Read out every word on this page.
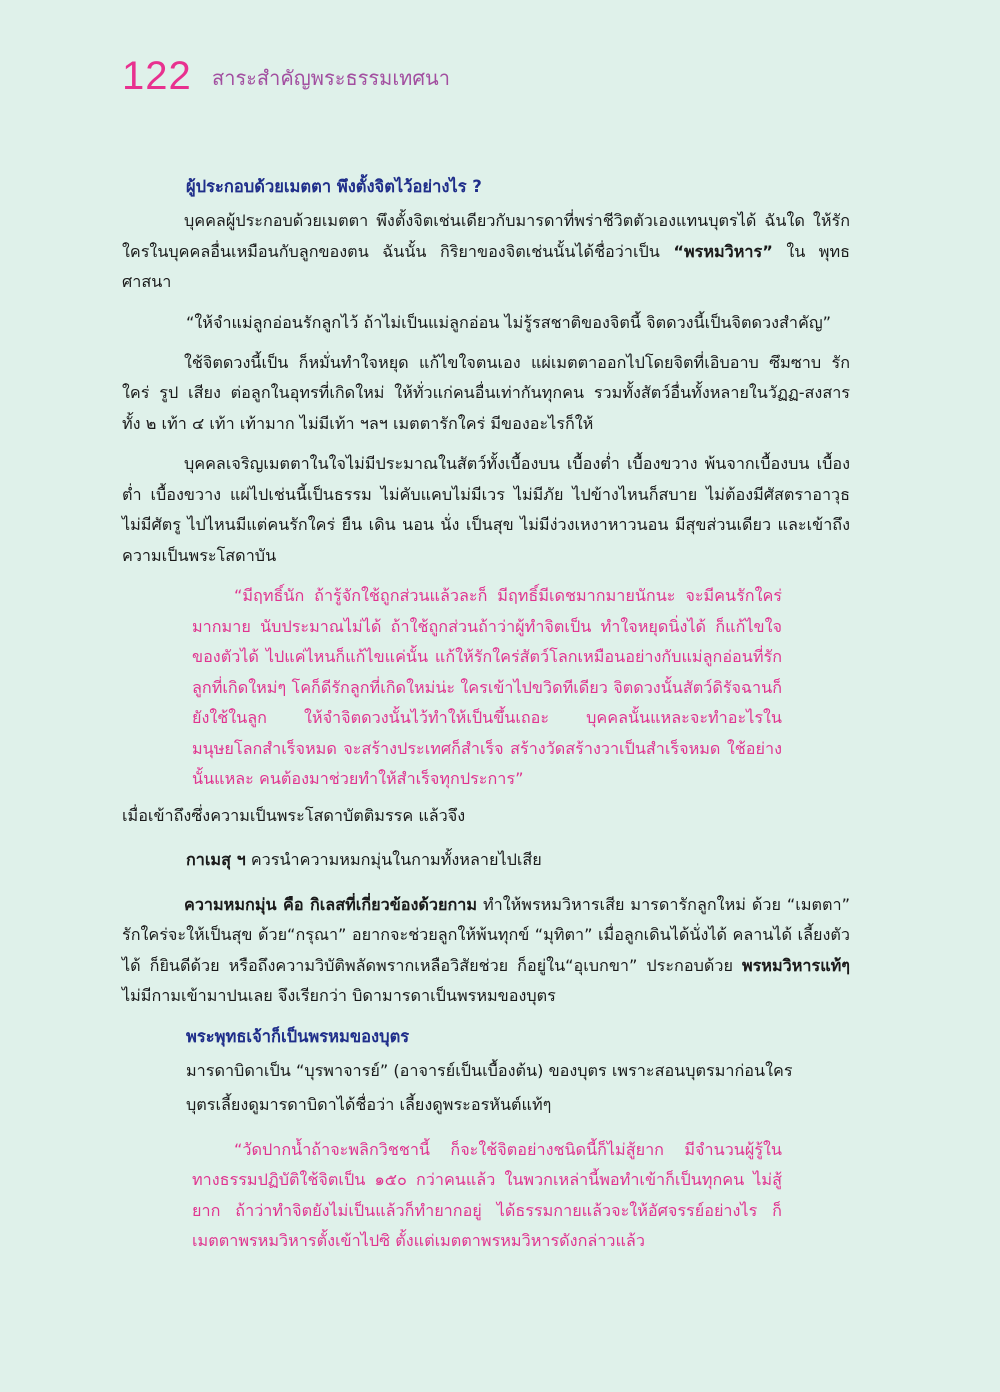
122 สาระสำคัญพระธรรมเทศนา
ผู้ประกอบด้วยเมตตา พึงตั้งจิตไว้อย่างไร ?

บุคคลผู้ประกอบด้วยเมตตา พึงตั้งจิตเช่นเดียวกับมารดาที่พร่าชีวิตตัวเองแทนบุตรได้ ฉันใด ให้รักใครในบุคคลอื่นเหมือนกับลูกของตน ฉันนั้น กิริยาของจิตเช่นนั้นได้ชื่อว่าเป็น “พรหมวิหาร” ใน พุทธศาสนา

“ให้จำแม่ลูกอ่อนรักลูกไว้ ถ้าไม่เป็นแม่ลูกอ่อน ไม่รู้รสชาติของจิตนี้ จิตดวงนี้เป็นจิตดวงสำคัญ”

ใช้จิตดวงนี้เป็น ก็หมั่นทำใจหยุด แก้ไขใจตนเอง แผ่เมตตาออกไปโดยจิตที่เอิบอาบ ซึมซาบ รักใคร่ รูป เสียง ต่อลูกในอุทรที่เกิดใหม่ ให้ทั่วแก่คนอื่นเท่ากันทุกคน รวมทั้งสัตว์อื่นทั้งหลายในวัฏฏ-สงสาร ทั้ง ๒ เท้า ๔ เท้า เท้ามาก ไม่มีเท้า ฯลฯ เมตตารักใคร่ มีของอะไรก็ให้

บุคคลเจริญเมตตาในใจไม่มีประมาณในสัตว์ทั้งเบื้องบน เบื้องต่ำ เบื้องขวาง พ้นจากเบื้องบน เบื้องต่ำ เบื้องขวาง แผ่ไปเช่นนี้เป็นธรรม ไม่คับแคบไม่มีเวร ไม่มีภัย ไปข้างไหนก็สบาย ไม่ต้องมีศัสตราอาวุธ ไม่มีศัตรู ไปไหนมีแต่คนรักใคร่ ยืน เดิน นอน นั่ง เป็นสุข ไม่มีง่วงเหงาหาวนอน มีสุขส่วนเดียว และเข้าถึงความเป็นพระโสดาบัน

“มีฤทธิ์นัก ถ้ารู้จักใช้ถูกส่วนแล้วละก็ มีฤทธิ์มีเดชมากมายนักนะ จะมีคนรักใคร่มากมาย นับประมาณไม่ได้ ถ้าใช้ถูกส่วนถ้าว่าผู้ทำจิตเป็น ทำใจหยุดนิ่งได้ ก็แก้ไขใจของตัวได้ ไปแค่ไหนก็แก้ไขแค่นั้น แก้ให้รักใคร่สัตว์โลกเหมือนอย่างกับแม่ลูกอ่อนที่รักลูกที่เกิดใหม่ๆ โคก็ดีรักลูกที่เกิดใหม่น่ะ ใครเข้าไปขวิดทีเดียว จิตดวงนั้นสัตว์ดิรัจฉานก็ยังใช้ในลูก ให้จำจิตดวงนั้นไว้ทำให้เป็นขึ้นเถอะ บุคคลนั้นแหละจะทำอะไรในมนุษยโลกสำเร็จหมด จะสร้างประเทศก็สำเร็จ สร้างวัดสร้างวาเป็นสำเร็จหมด ใช้อย่างนั้นแหละ คนต้องมาช่วยทำให้สำเร็จทุกประการ”

เมื่อเข้าถึงซึ่งความเป็นพระโสดาบัตติมรรค แล้วจึง

กาเมสุ ฯ ควรนำความหมกมุ่นในกามทั้งหลายไปเสีย

ความหมกมุ่น คือ กิเลสที่เกี่ยวข้องด้วยกาม ทำให้พรหมวิหารเสีย มารดารักลูกใหม่ ด้วย “เมตตา” รักใคร่จะให้เป็นสุข ด้วย“กรุณา” อยากจะช่วยลูกให้พ้นทุกข์ “มุทิตา” เมื่อลูกเดินได้นั่งได้ คลานได้ เลี้ยงตัวได้ ก็ยินดีด้วย หรือถึงความวิบัติพลัดพรากเหลือวิสัยช่วย ก็อยู่ใน“อุเบกขา” ประกอบด้วย พรหมวิหารแท้ๆ ไม่มีกามเข้ามาปนเลย จึงเรียกว่า บิดามารดาเป็นพรหมของบุตร

พระพุทธเจ้าก็เป็นพรหมของบุตร

มารดาบิดาเป็น “บุรพาจารย์” (อาจารย์เป็นเบื้องต้น) ของบุตร เพราะสอนบุตรมาก่อนใคร

บุตรเลี้ยงดูมารดาบิดาได้ชื่อว่า เลี้ยงดูพระอรหันต์แท้ๆ

“วัดปากน้ำถ้าจะพลิกวิชชานี้ ก็จะใช้จิตอย่างชนิดนี้ก็ไม่สู้ยาก มีจำนวนผู้รู้ใน ทางธรรมปฏิบัติใช้จิตเป็น ๑๕๐ กว่าคนแล้ว ในพวกเหล่านี้พอทำเข้าก็เป็นทุกคน ไม่สู้ยาก ถ้าว่าทำจิตยังไม่เป็นแล้วก็ทำยากอยู่ ได้ธรรมกายแล้วจะให้อัศจรรย์อย่างไร ก็เมตตาพรหมวิหารตั้งเข้าไปซิ ตั้งแต่เมตตาพรหมวิหารดังกล่าวแล้ว
